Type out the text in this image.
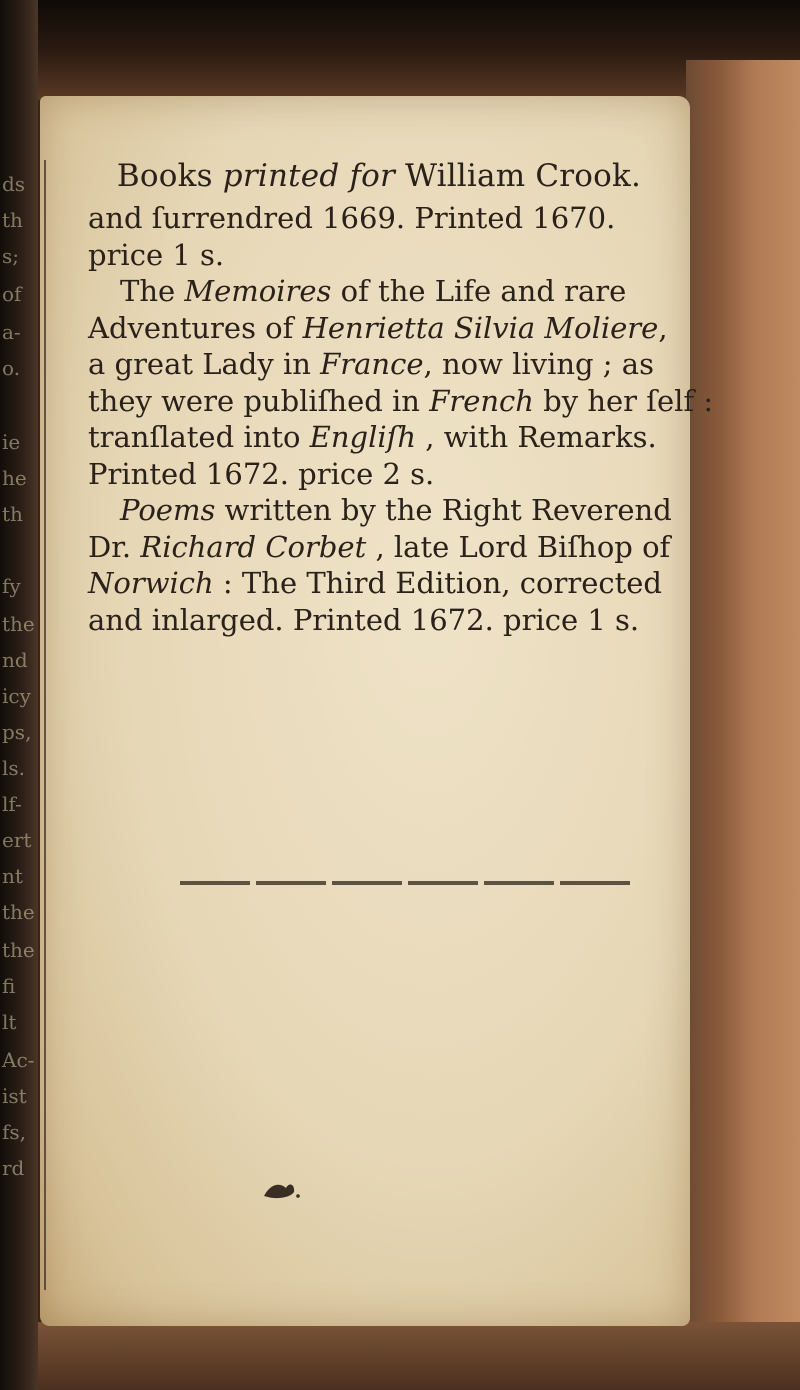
ds
th
s;
of
a-
o.
ie
he
th
fy
the
nd
icy
ps,
ls.
lf-
ert
nt
the
the
fi
lt
Ac-
ist
fs,
rd
Books printed for William Crook.

and ſurrendred 1669. Printed 1670.
price 1 s.

The Memoires of the Life and rare
Adventures of Henrietta Silvia Moliere,
a great Lady in France, now living ; as
they were publiſhed in French by her ſelf :
tranſlated into Engliſh , with Remarks.
Printed 1672. price 2 s.

Poems written by the Right Reverend
Dr. Richard Corbet , late Lord Biſhop of
Norwich : The Third Edition, corrected
and inlarged. Printed 1672. price 1 s.
